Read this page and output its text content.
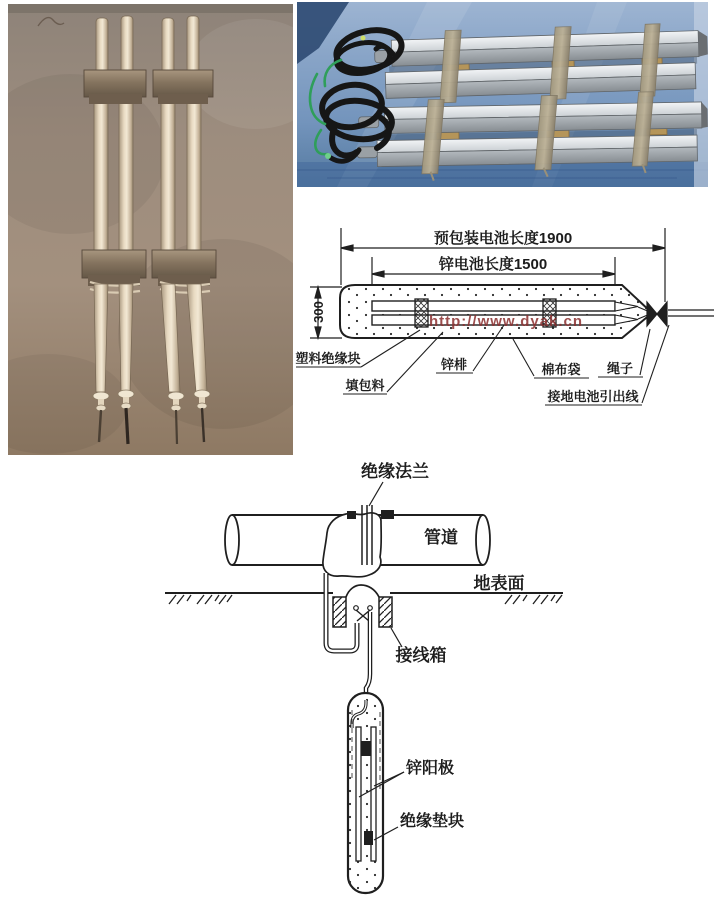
预包装电池长度1900
锌电池长度1500
300	http://www.dyak.cn
塑料绝缘块
填包料
锌棑	棉布袋 绳子
接地电池引出线
绝缘法兰
管道
地表面
接线箱
锌阳极
绝缘垫块
